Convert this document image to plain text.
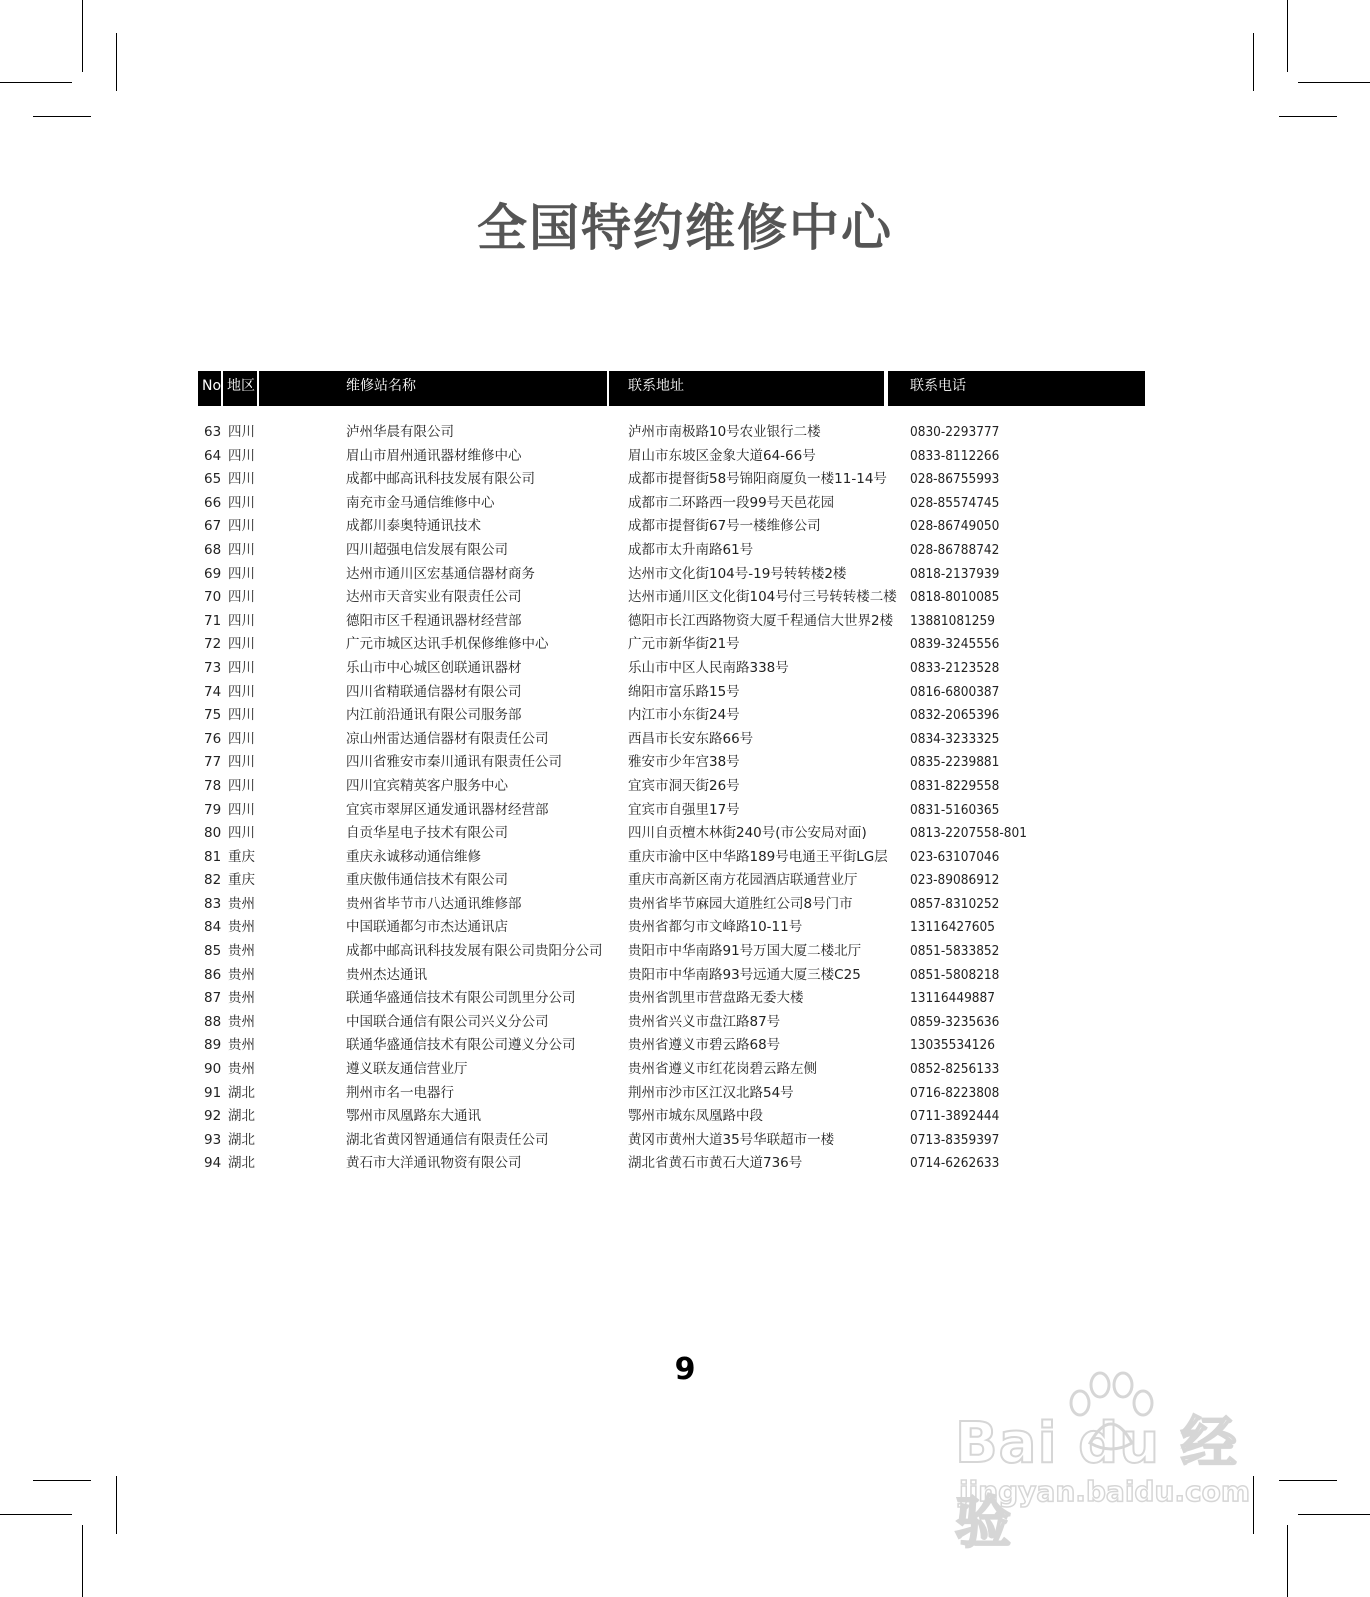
全国特约维修中心
No 地区	维修站名称	联系地址	联系电话
63 四川	泸州华晨有限公司	泸州市南极路10号农业银行二楼	0830-2293777
64 四川	眉山市眉州通讯器材维修中心	眉山市东坡区金象大道64-66号	0833-8112266
65 四川	成都中邮高讯科技发展有限公司	成都市提督街58号锦阳商厦负一楼11-14号 028-86755993
66 四川	南充市金马通信维修中心	成都市二环路西一段99号天邑花园	028-85574745
67 四川	成都川泰奥特通讯技术	成都市提督街67号一楼维修公司	028-86749050
68 四川	四川超强电信发展有限公司	成都市太升南路61号	028-86788742
69 四川	达州市通川区宏基通信器材商务	达州市文化街104号-19号转转楼2楼	0818-2137939
70 四川	达州市天音实业有限责任公司	达州市通川区文化街104号付三号转转楼二楼 0818-8010085
71 四川	德阳市区千程通讯器材经营部	德阳市长江西路物资大厦千程通信大世界2楼 13881081259
72 四川	广元市城区达讯手机保修维修中心	广元市新华街21号	0839-3245556
73 四川	乐山市中心城区创联通讯器材	乐山市中区人民南路338号	0833-2123528
74 四川	四川省精联通信器材有限公司	绵阳市富乐路15号	0816-6800387
75 四川	内江前沿通讯有限公司服务部	内江市小东街24号	0832-2065396
76 四川	凉山州雷达通信器材有限责任公司	西昌市长安东路66号	0834-3233325
77 四川	四川省雅安市秦川通讯有限责任公司	雅安市少年宫38号	0835-2239881
78 四川	四川宜宾精英客户服务中心	宜宾市洞天街26号	0831-8229558
79 四川	宜宾市翠屏区通发通讯器材经营部	宜宾市自强里17号	0831-5160365
80 四川	自贡华星电子技术有限公司	四川自贡檀木林街240号(市公安局对面)	0813-2207558-801
81 重庆	重庆永诚移动通信维修	重庆市渝中区中华路189号电通王平街LG层 023-63107046
82 重庆	重庆傲伟通信技术有限公司	重庆市高新区南方花园酒店联通营业厅	023-89086912
83 贵州	贵州省毕节市八达通讯维修部	贵州省毕节麻园大道胜红公司8号门市	0857-8310252
84 贵州	中国联通都匀市杰达通讯店	贵州省都匀市文峰路10-11号	13116427605
85 贵州	成都中邮高讯科技发展有限公司贵阳分公司 贵阳市中华南路91号万国大厦二楼北厅	0851-5833852
86 贵州	贵州杰达通讯	贵阳市中华南路93号远通大厦三楼C25	0851-5808218
87 贵州	联通华盛通信技术有限公司凯里分公司	贵州省凯里市营盘路无委大楼	13116449887
88 贵州	中国联合通信有限公司兴义分公司	贵州省兴义市盘江路87号	0859-3235636
89 贵州	联通华盛通信技术有限公司遵义分公司	贵州省遵义市碧云路68号	13035534126
90 贵州	遵义联友通信营业厅	贵州省遵义市红花岗碧云路左侧	0852-8256133
91 湖北	荆州市名一电器行	荆州市沙市区江汉北路54号	0716-8223808
92 湖北	鄂州市凤凰路东大通讯	鄂州市城东凤凰路中段	0711-3892444
93 湖北	湖北省黄冈智通通信有限责任公司	黄冈市黄州大道35号华联超市一楼	0713-8359397
94 湖北	黄石市大洋通讯物资有限公司	湖北省黄石市黄石大道736号	0714-6262633
9
Bai du 经验
jingyan.baidu.com
